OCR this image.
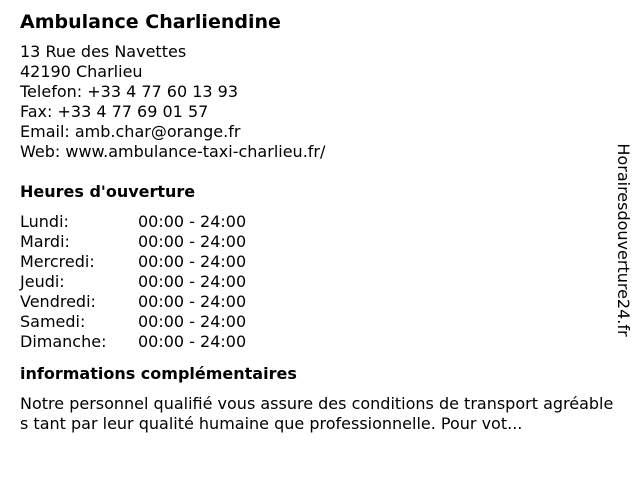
Ambulance Charliendine
13 Rue des Navettes
42190 Charlieu
Telefon: +33 4 77 60 13 93
Fax: +33 4 77 69 01 57
Email: amb.char@orange.fr
Web: www.ambulance-taxi-charlieu.fr/
Heures d'ouverture
Lundi:	00:00 - 24:00
Mardi:	00:00 - 24:00
Mercredi:	00:00 - 24:00
Jeudi:	00:00 - 24:00
Vendredi:	00:00 - 24:00
Samedi:	00:00 - 24:00
Dimanche:	00:00 - 24:00
informations complémentaires
Notre personnel qualifié vous assure des conditions de transport agréables tant par leur qualité humaine que professionnelle. Pour vot...
Horairesdouverture24.fr
